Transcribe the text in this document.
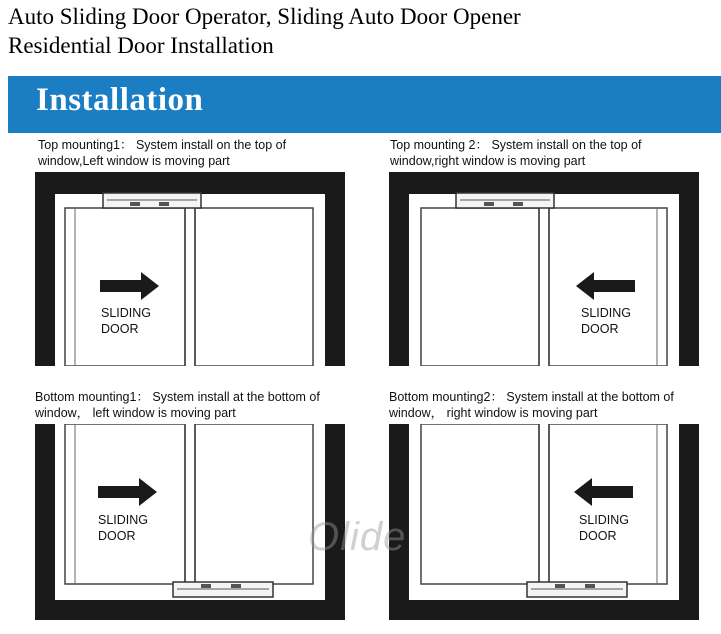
Auto Sliding Door Operator, Sliding Auto Door Opener
Residential Door Installation
Installation
Top mounting1： System install on the top of
window,Left window is moving part
SLIDING
DOOR
Top mounting 2： System install on the top of
window,right window is moving part
SLIDING
DOOR
Bottom mounting1： System install at the bottom of
window， left window is moving part
SLIDING
DOOR
Bottom mounting2： System install at the bottom of
window， right window is moving part
SLIDING
DOOR
Olide
